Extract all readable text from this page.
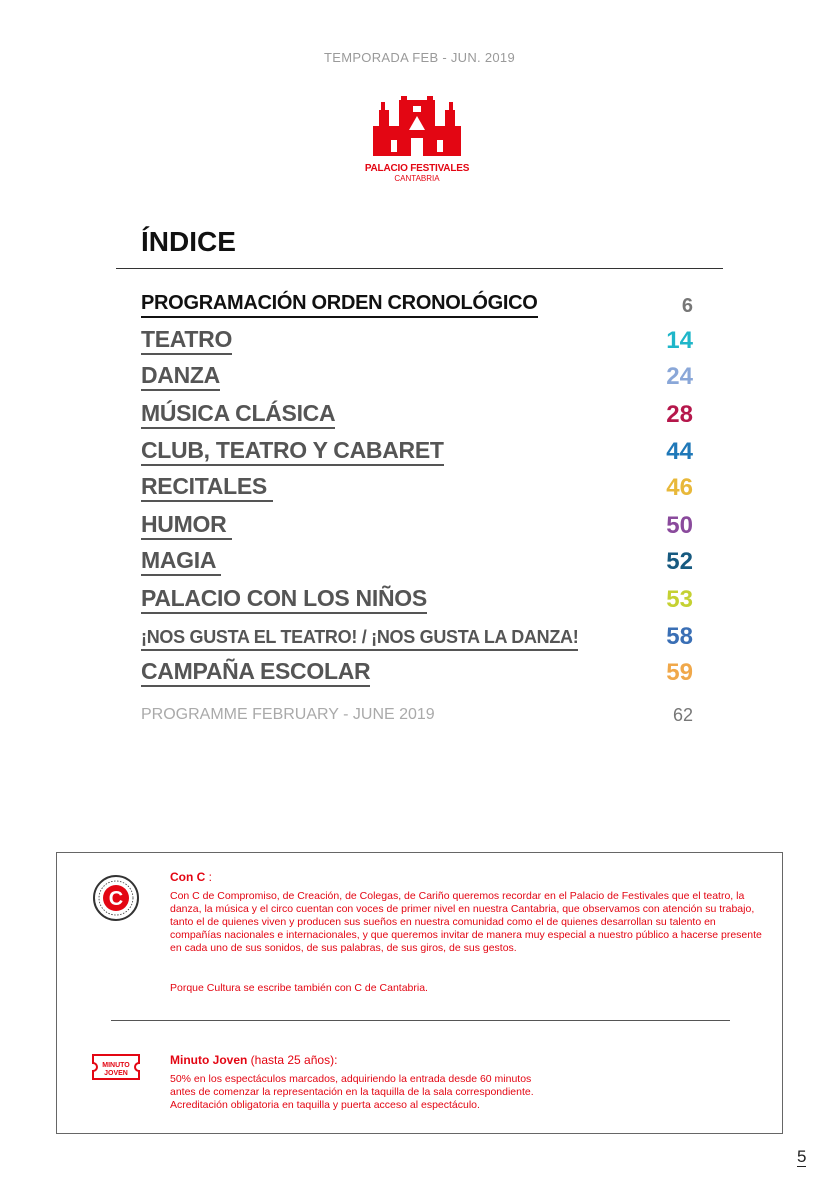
TEMPORADA FEB - JUN. 2019
PALACIO FESTIVALES
CANTABRIA
ÍNDICE
PROGRAMACIÓN ORDEN CRONOLÓGICO	6
TEATRO	14
DANZA	24
MÚSICA CLÁSICA	28
CLUB, TEATRO Y CABARET	44
RECITALES	46
HUMOR	50
MAGIA	52
PALACIO CON LOS NIÑOS	53
¡NOS GUSTA EL TEATRO! / ¡NOS GUSTA LA DANZA!	58
CAMPAÑA ESCOLAR	59
PROGRAMME FEBRUARY - JUNE 2019	62
C
Con C :
Con C de Compromiso, de Creación, de Colegas, de Cariño queremos recordar en el Palacio de Festivales que el teatro, la danza, la música y el circo cuentan con voces de primer nivel en nuestra Cantabria, que observamos con atención su trabajo, tanto el de quienes viven y producen sus sueños en nuestra comunidad como el de quienes desarrollan su talento en compañías nacionales e internacionales, y que queremos invitar de manera muy especial a nuestro público a hacerse presente en cada uno de sus sonidos, de sus palabras, de sus giros, de sus gestos.
Porque Cultura se escribe también con C de Cantabria.
MINUTO
JOVEN
Minuto Joven (hasta 25 años):
50% en los espectáculos marcados, adquiriendo la entrada desde 60 minutos
antes de comenzar la representación en la taquilla de la sala correspondiente.
Acreditación obligatoria en taquilla y puerta acceso al espectáculo.
5
